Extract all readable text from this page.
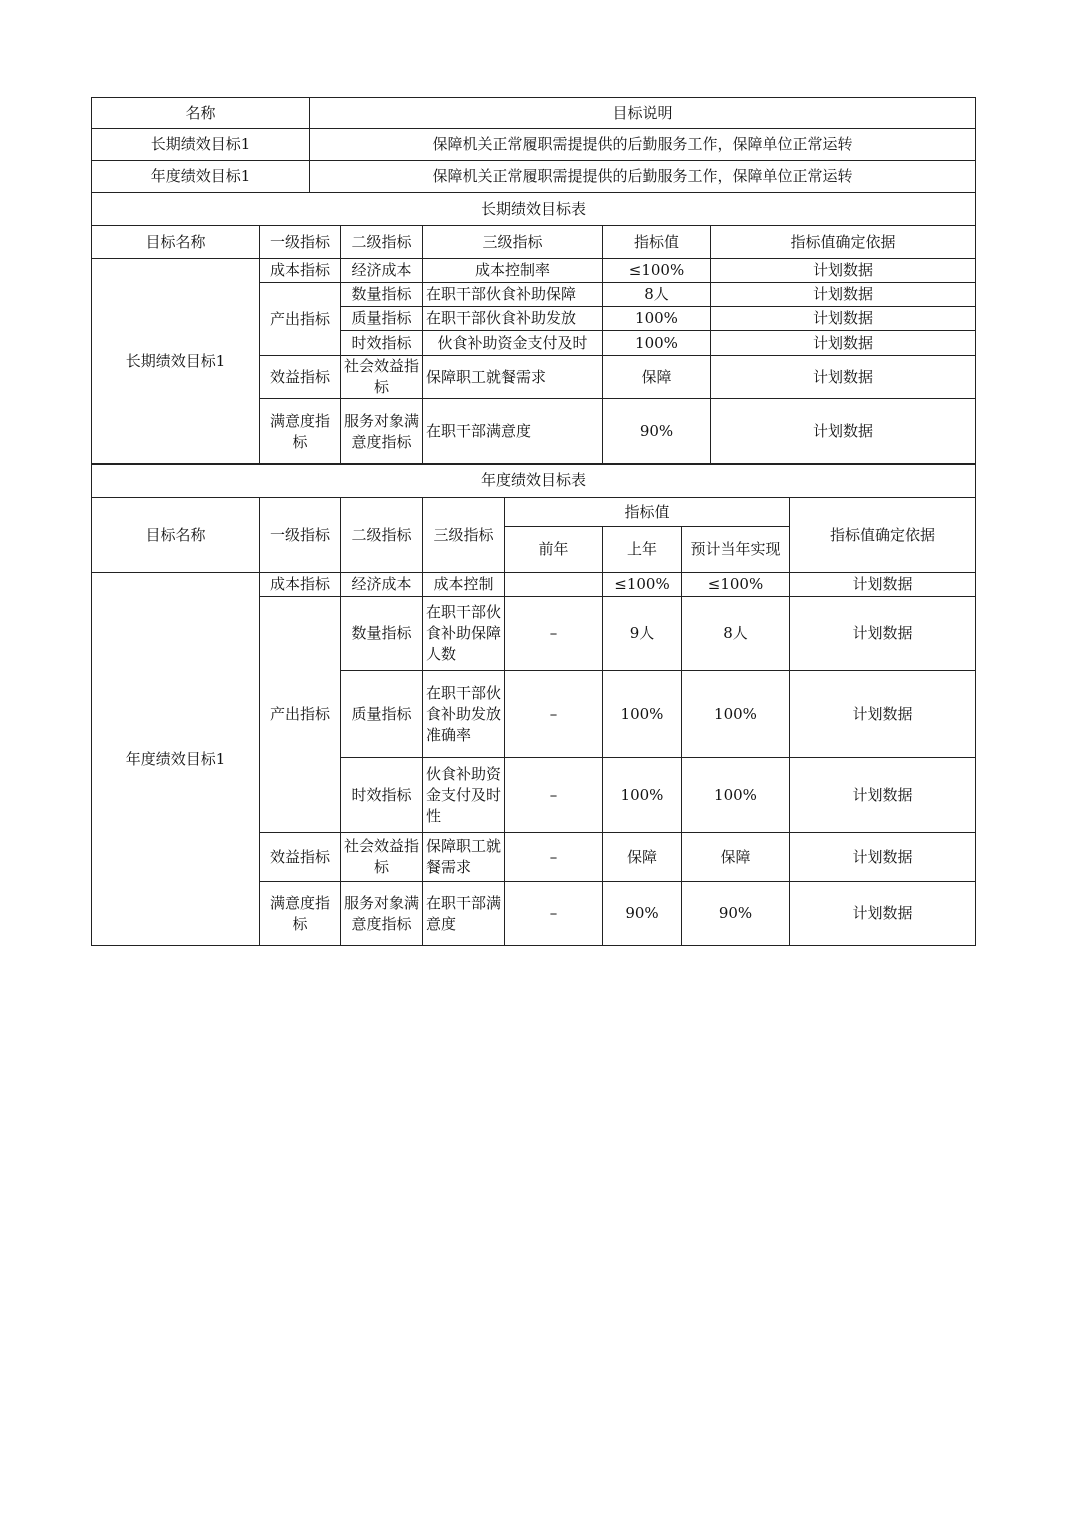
名称	目标说明
长期绩效目标1	保障机关正常履职需提提供的后勤服务工作，保障单位正常运转
年度绩效目标1	保障机关正常履职需提提供的后勤服务工作，保障单位正常运转
长期绩效目标表					
目标名称	一级指标	二级指标	三级指标	指标值	指标值确定依据
长期绩效目标1	成本指标	经济成本	成本控制率	≤100%	计划数据
	产出指标	数量指标	在职干部伙食补助保障	8人	计划数据
		质量指标	在职干部伙食补助发放	100%	计划数据
		时效指标	伙食补助资金支付及时	100%	计划数据
	效益指标	社会效益指标	保障职工就餐需求	保障	计划数据
	满意度指标	服务对象满意度指标	在职干部满意度	90%	计划数据
年度绩效目标表							
目标名称	一级指标	二级指标	三级指标	指标值			指标值确定依据
				前年	上年	预计当年实现	
年度绩效目标1	成本指标	经济成本	成本控制		≤100%	≤100%	计划数据
	产出指标	数量指标	在职干部伙食补助保障人数	–	9人	8人	计划数据
		质量指标	在职干部伙食补助发放准确率	–	100%	100%	计划数据
		时效指标	伙食补助资金支付及时性	–	100%	100%	计划数据
	效益指标	社会效益指标	保障职工就餐需求	–	保障	保障	计划数据
	满意度指标	服务对象满意度指标	在职干部满意度	–	90%	90%	计划数据
